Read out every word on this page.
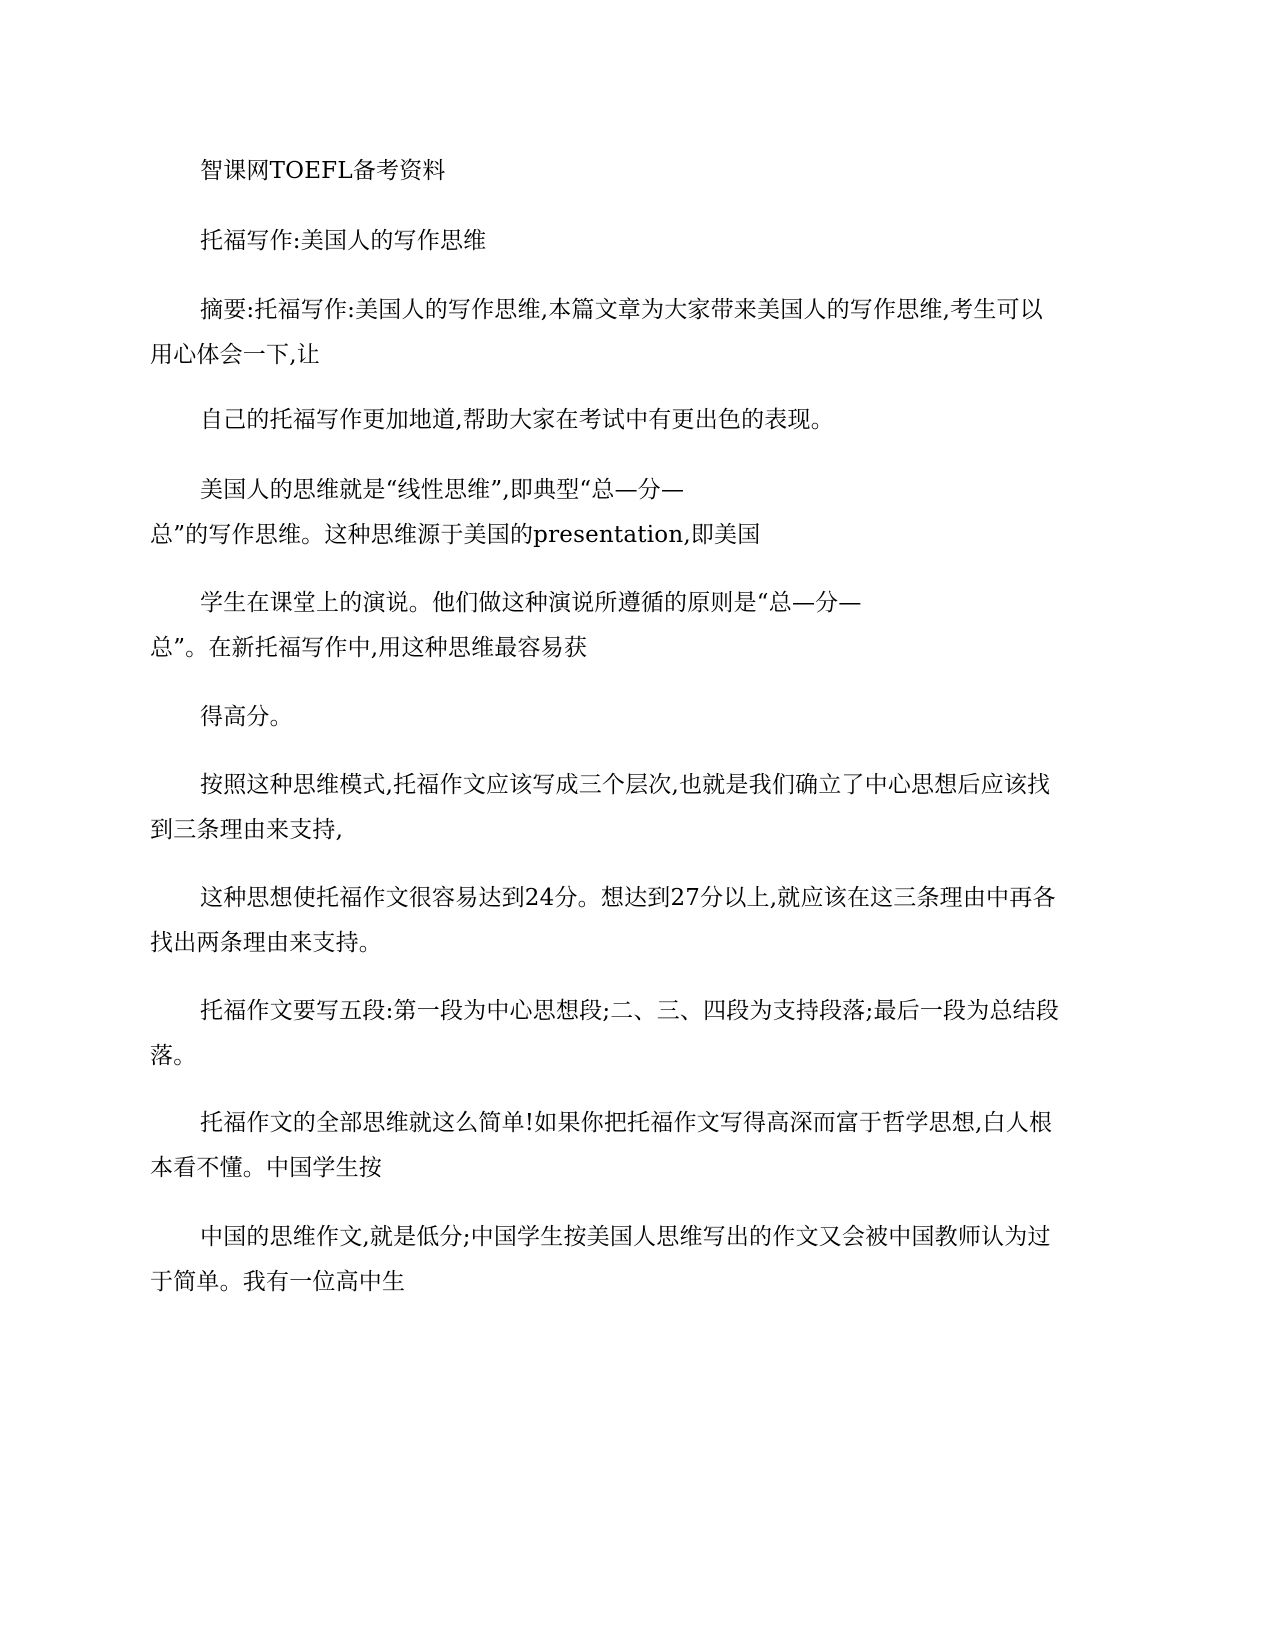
智课网TOEFL备考资料
托福写作:美国人的写作思维
摘要:托福写作:美国人的写作思维,本篇文章为大家带来美国人的写作思维,考生可以
用心体会一下,让
自己的托福写作更加地道,帮助大家在考试中有更出色的表现。
美国人的思维就是“线性思维”,即典型“总—分—
总”的写作思维。这种思维源于美国的presentation,即美国
学生在课堂上的演说。他们做这种演说所遵循的原则是“总—分—
总”。在新托福写作中,用这种思维最容易获
得高分。
按照这种思维模式,托福作文应该写成三个层次,也就是我们确立了中心思想后应该找
到三条理由来支持,
这种思想使托福作文很容易达到24分。想达到27分以上,就应该在这三条理由中再各
找出两条理由来支持。
托福作文要写五段:第一段为中心思想段;二、三、四段为支持段落;最后一段为总结段
落。
托福作文的全部思维就这么简单!如果你把托福作文写得高深而富于哲学思想,白人根
本看不懂。中国学生按
中国的思维作文,就是低分;中国学生按美国人思维写出的作文又会被中国教师认为过
于简单。我有一位高中生
